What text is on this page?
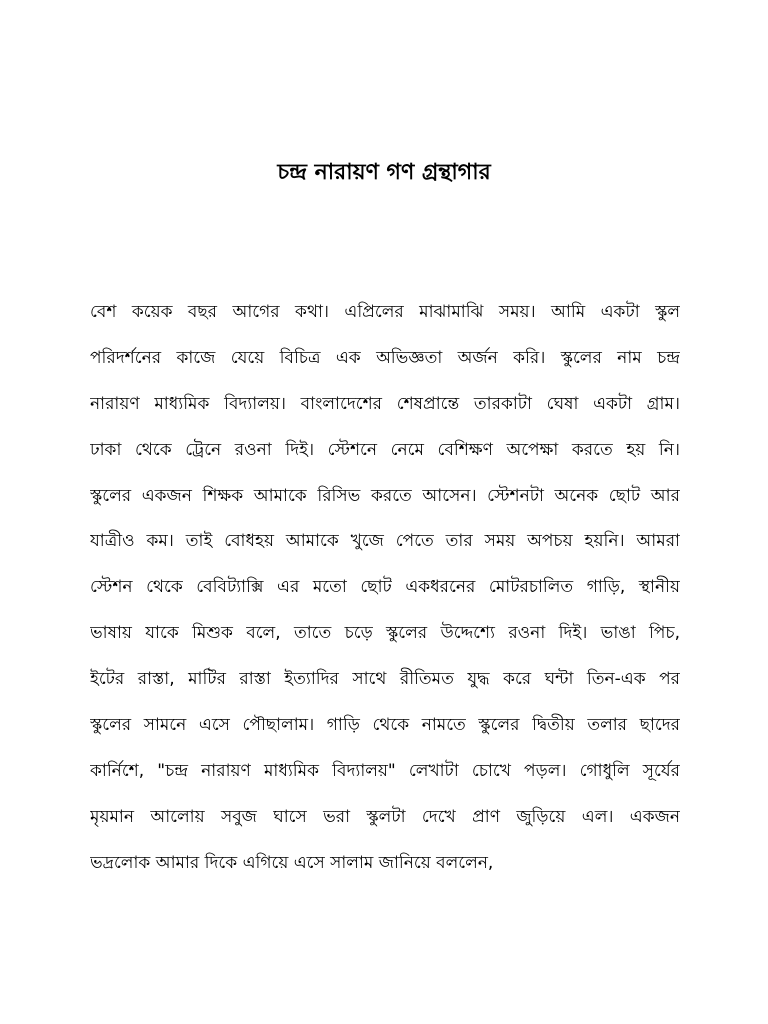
চন্দ্র নারায়ণ গণ গ্রন্থাগার
বেশ কয়েক বছর আগের কথা। এপ্রিলের মাঝামাঝি সময়। আমি একটা স্কুল
পরিদর্শনের কাজে যেয়ে বিচিত্র এক অভিজ্ঞতা অর্জন করি। স্কুলের নাম চন্দ্র
নারায়ণ মাধ্যমিক বিদ্যালয়। বাংলাদেশের শেষপ্রান্তে তারকাটা ঘেষা একটা গ্রাম।
ঢাকা থেকে ট্রেনে রওনা দিই। স্টেশনে নেমে বেশিক্ষণ অপেক্ষা করতে হয় নি।
স্কুলের একজন শিক্ষক আমাকে রিসিভ করতে আসেন। স্টেশনটা অনেক ছোট আর
যাত্রীও কম। তাই বোধহয় আমাকে খুজে পেতে তার সময় অপচয় হয়নি। আমরা
স্টেশন থেকে বেবিট্যাক্সি এর মতো ছোট একধরনের মোটরচালিত গাড়ি, স্থানীয়
ভাষায় যাকে মিশুক বলে, তাতে চড়ে স্কুলের উদ্দেশ্যে রওনা দিই। ভাঙা পিচ,
ইটের রাস্তা, মাটির রাস্তা ইত্যাদির সাথে রীতিমত যুদ্ধ করে ঘন্টা তিন-এক পর
স্কুলের সামনে এসে পৌছালাম। গাড়ি থেকে নামতে স্কুলের দ্বিতীয় তলার ছাদের
কার্নিশে, "চন্দ্র নারায়ণ মাধ্যমিক বিদ্যালয়" লেখাটা চোখে পড়ল। গোধুলি সূর্যের
মৃয়মান আলোয় সবুজ ঘাসে ভরা স্কুলটা দেখে প্রাণ জুড়িয়ে এল। একজন
ভদ্রলোক আমার দিকে এগিয়ে এসে সালাম জানিয়ে বললেন,
